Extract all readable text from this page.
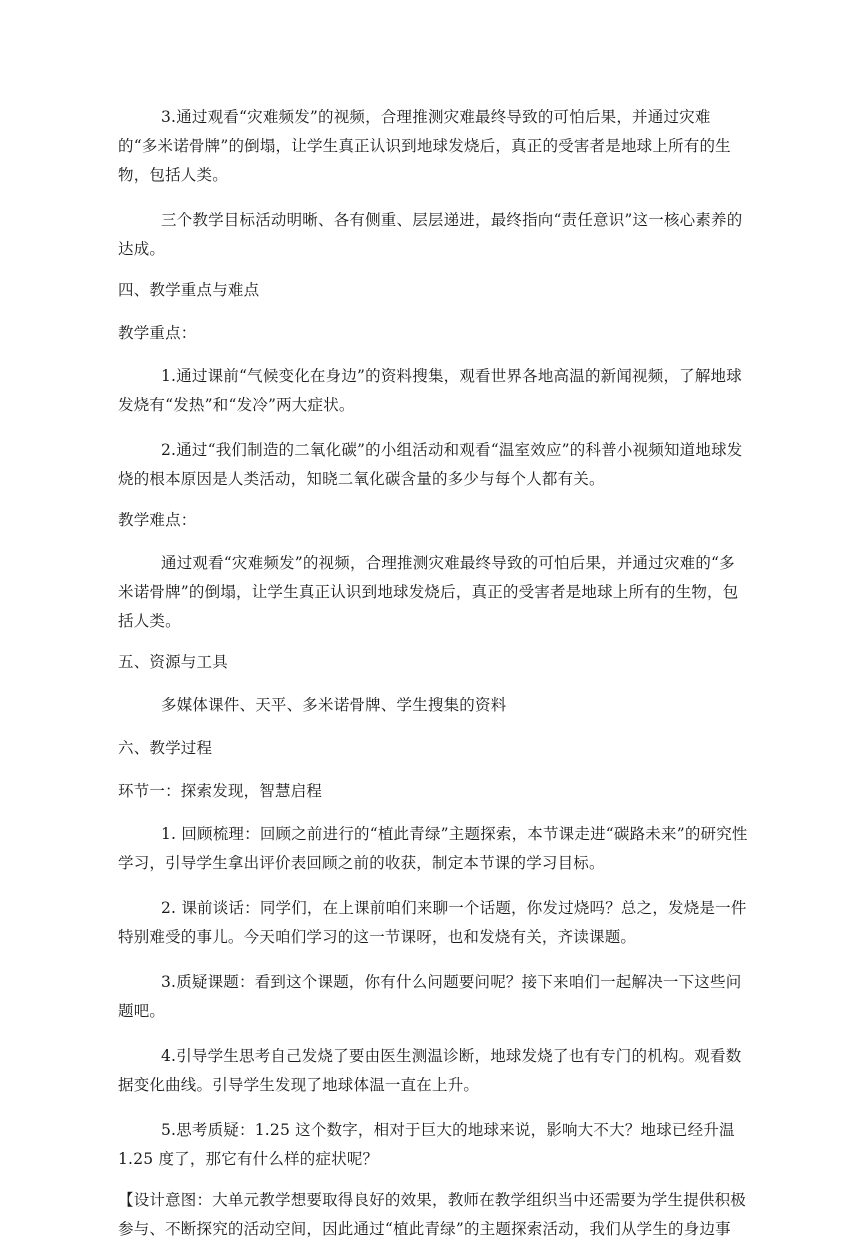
3.通过观看“灾难频发”的视频，合理推测灾难最终导致的可怕后果，并通过灾难的“多米诺骨牌”的倒塌，让学生真正认识到地球发烧后，真正的受害者是地球上所有的生物，包括人类。

三个教学目标活动明晰、各有侧重、层层递进，最终指向“责任意识”这一核心素养的达成。

四、教学重点与难点

教学重点：

1.通过课前“气候变化在身边”的资料搜集，观看世界各地高温的新闻视频，了解地球发烧有“发热”和“发冷”两大症状。

2.通过“我们制造的二氧化碳”的小组活动和观看“温室效应”的科普小视频知道地球发烧的根本原因是人类活动，知晓二氧化碳含量的多少与每个人都有关。

教学难点：

通过观看“灾难频发”的视频，合理推测灾难最终导致的可怕后果，并通过灾难的“多米诺骨牌”的倒塌，让学生真正认识到地球发烧后，真正的受害者是地球上所有的生物，包括人类。

五、资源与工具

多媒体课件、天平、多米诺骨牌、学生搜集的资料

六、教学过程

环节一：探索发现，智慧启程

1. 回顾梳理：回顾之前进行的“植此青绿”主题探索，本节课走进“碳路未来”的研究性学习，引导学生拿出评价表回顾之前的收获，制定本节课的学习目标。

2. 课前谈话：同学们，在上课前咱们来聊一个话题，你发过烧吗？总之，发烧是一件特别难受的事儿。今天咱们学习的这一节课呀，也和发烧有关，齐读课题。

3.质疑课题：看到这个课题，你有什么问题要问呢？接下来咱们一起解决一下这些问题吧。

4.引导学生思考自己发烧了要由医生测温诊断，地球发烧了也有专门的机构。观看数据变化曲线。引导学生发现了地球体温一直在上升。

5.思考质疑：1.25 这个数字，相对于巨大的地球来说，影响大不大？地球已经升温 1.25 度了，那它有什么样的症状呢？

【设计意图：大单元教学想要取得良好的效果，教师在教学组织当中还需要为学生提供积极参与、不断探究的活动空间，因此通过“植此青绿”的主题探索活动，我们从学生的身边事
